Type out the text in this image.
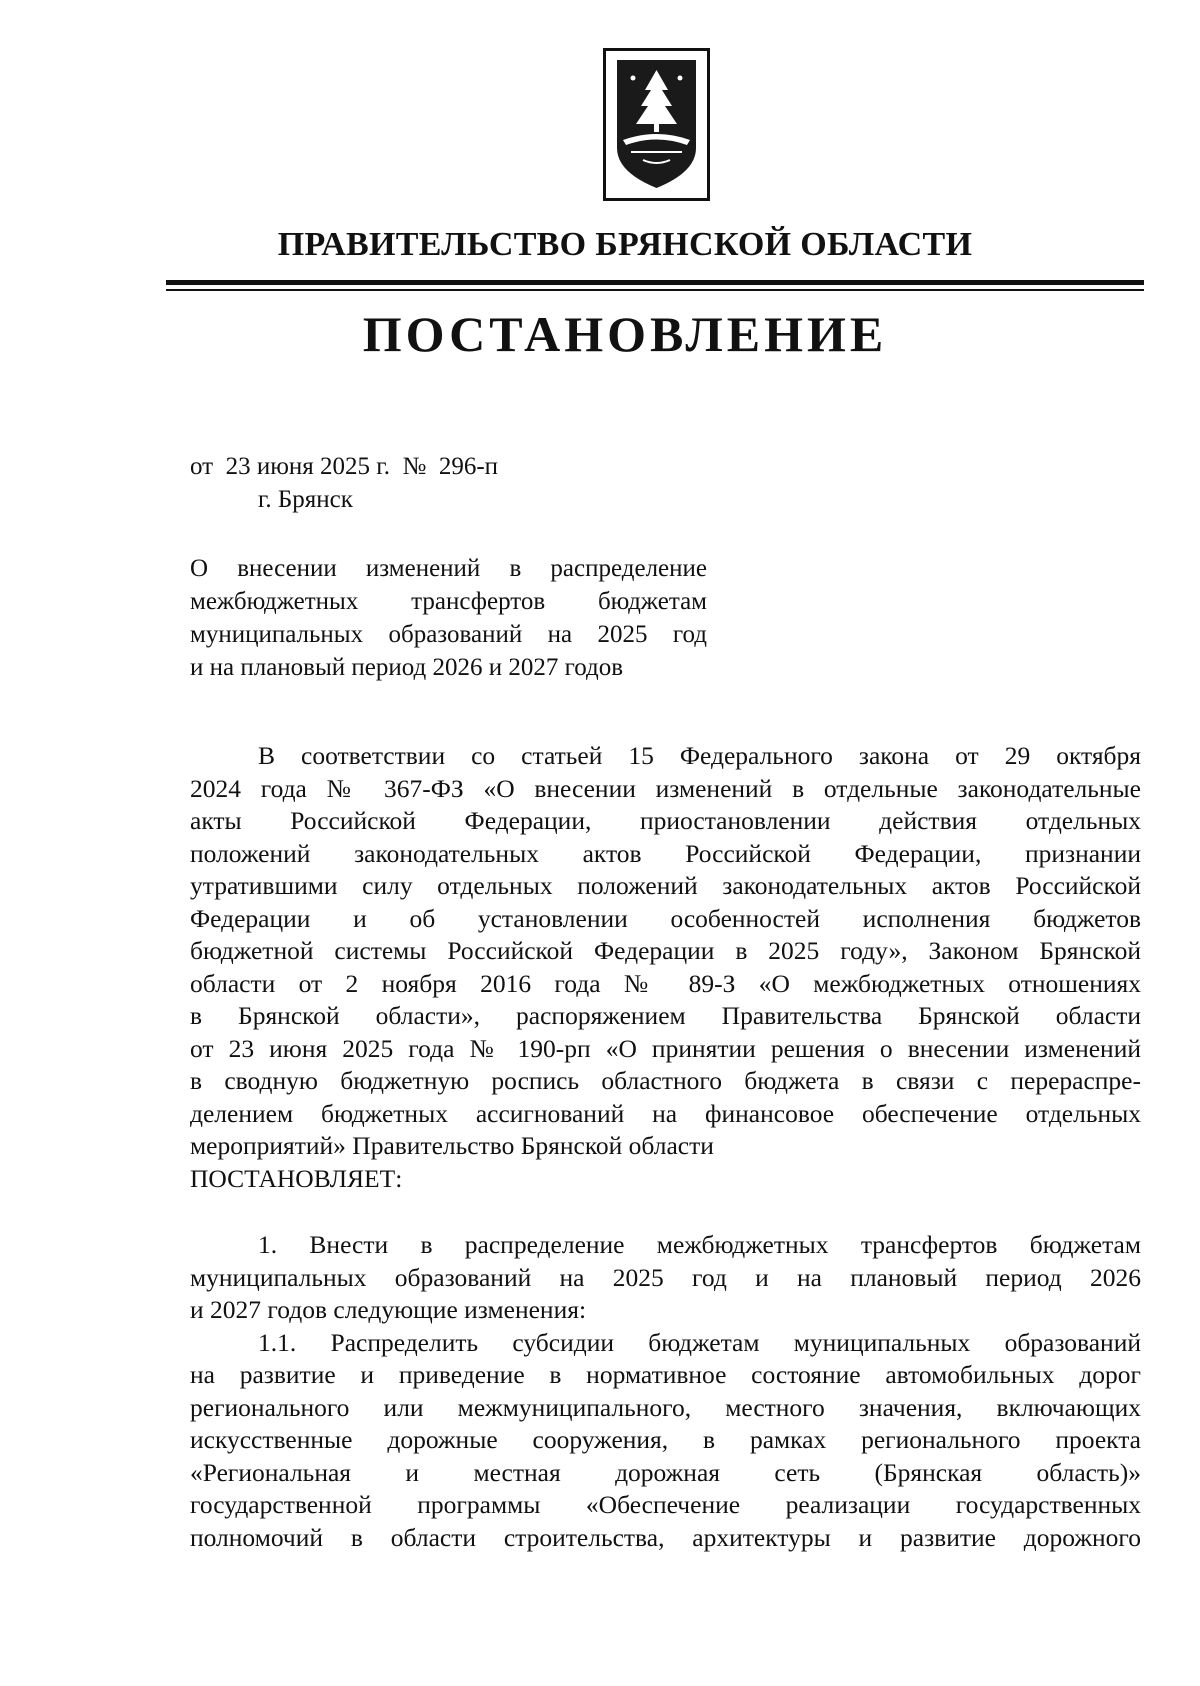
ПРАВИТЕЛЬСТВО БРЯНСКОЙ ОБЛАСТИ
ПОСТАНОВЛЕНИЕ
от  23 июня 2025 г.  №  296-п
г. Брянск
О внесении изменений в распределение
межбюджетных трансфертов бюджетам
муниципальных образований на 2025 год
и на плановый период 2026 и 2027 годов
В соответствии со статьей 15 Федерального закона от 29 октября
2024 года № 367-ФЗ «О внесении изменений в отдельные законодательные
акты Российской Федерации, приостановлении действия отдельных
положений законодательных актов Российской Федерации, признании
утратившими силу отдельных положений законодательных актов Российской
Федерации и об установлении особенностей исполнения бюджетов
бюджетной системы Российской Федерации в 2025 году», Законом Брянской
области от 2 ноября 2016 года № 89-З «О межбюджетных отношениях
в Брянской области», распоряжением Правительства Брянской области
от 23 июня 2025 года № 190-рп «О принятии решения о внесении изменений
в сводную бюджетную роспись областного бюджета в связи с перераспре-
делением бюджетных ассигнований на финансовое обеспечение отдельных
мероприятий» Правительство Брянской области
ПОСТАНОВЛЯЕТ:
1. Внести в распределение межбюджетных трансфертов бюджетам
муниципальных образований на 2025 год и на плановый период 2026
и 2027 годов следующие изменения:
1.1. Распределить субсидии бюджетам муниципальных образований
на развитие и приведение в нормативное состояние автомобильных дорог
регионального или межмуниципального, местного значения, включающих
искусственные дорожные сооружения, в рамках регионального проекта
«Региональная и местная дорожная сеть (Брянская область)»
государственной программы «Обеспечение реализации государственных
полномочий в области строительства, архитектуры и развитие дорожного
